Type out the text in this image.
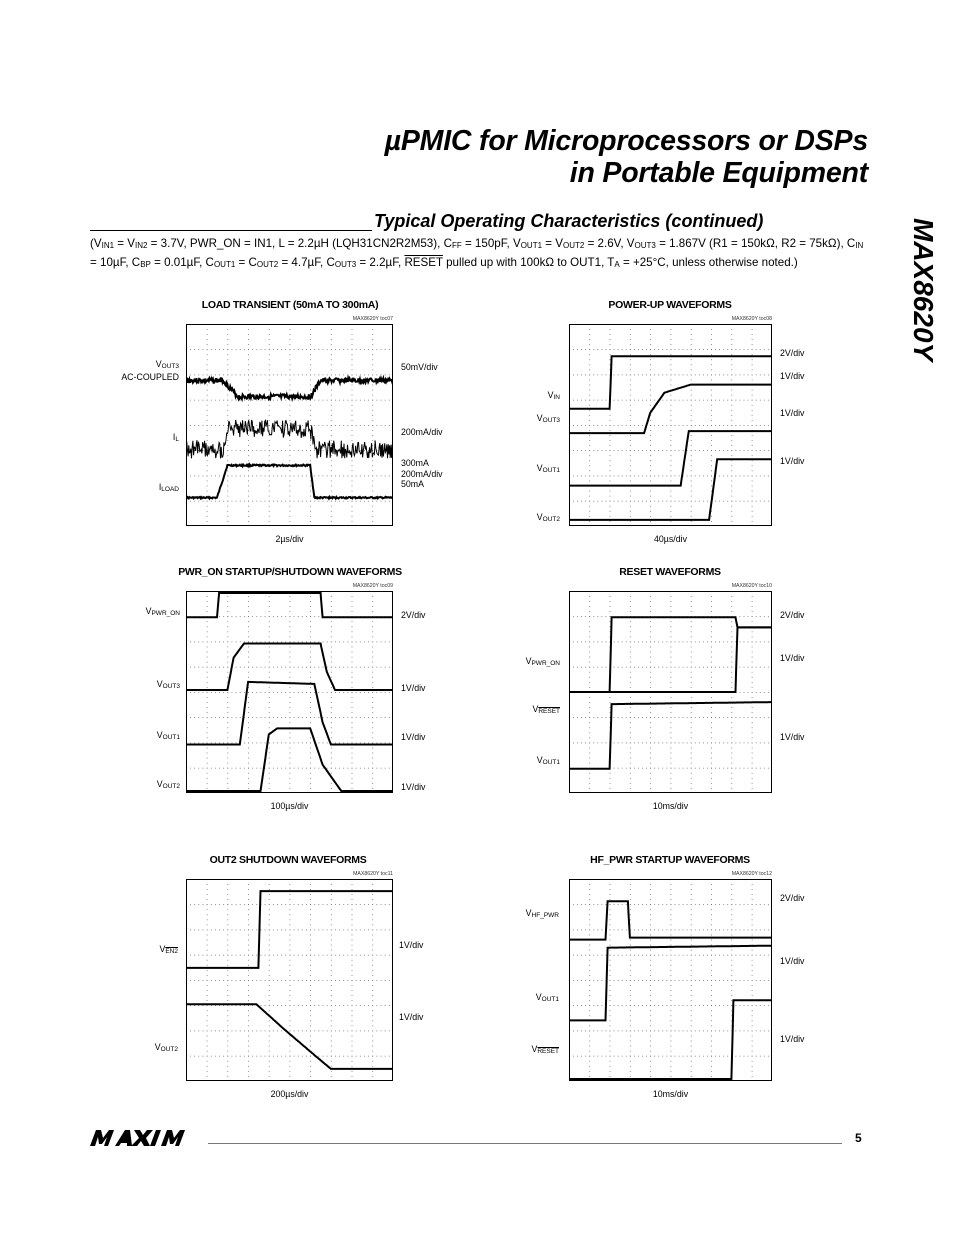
µPMIC for Microprocessors or DSPs
in Portable Equipment
MAX8620Y
Typical Operating Characteristics (continued)
($V_{IN1} = V_{IN2} = 3.7V$, PWR_ON = IN1, L = 2.2µH (LQH31CN2R2M53), $C_{FF} = 150pF$, $V_{OUT1} = V_{OUT2} = 2.6V$, $V_{OUT3} = 1.867V$ (R1 = 150kΩ, R2 = 75kΩ), $C_{IN} = 10\mu F$, $C_{BP} = 0.01\mu F$, $C_{OUT1} = C_{OUT2} = 4.7\mu F$, $C_{OUT3} = 2.2\mu F$, RESET pulled up with 100kΩ to OUT1, $T_A = +25^\circ C$, unless otherwise noted.)
LOAD TRANSIENT (50mA TO 300mA)
MAX8620Y toc07
$V_{OUT3}$
AC-COUPLED
50mV/div
$I_L$
200mA/div
$I_{LOAD}$
300mA
200mA/div
50mA
2µs/div
POWER-UP WAVEFORMS
MAX8620Y toc08
$V_{IN}$
2V/div
$V_{OUT3}$
1V/div
$V_{OUT1}$
1V/div
$V_{OUT2}$
1V/div
40µs/div
PWR_ON STARTUP/SHUTDOWN WAVEFORMS
MAX8620Y toc09
$V_{PWR\_ON}$	2V/div
$V_{OUT3}$	1V/div
$V_{OUT1}$	1V/div
$V_{OUT2}$	1V/div
100µs/div
RESET WAVEFORMS
MAX8620Y toc10
$V_{PWR\_ON}$
2V/div
$V_{RESET}$
1V/div
$V_{OUT1}$
1V/div
10ms/div
OUT2 SHUTDOWN WAVEFORMS
MAX8620Y toc11
$V_{EN2}$
1V/div
$V_{OUT2}$
1V/div
200µs/div
HF_PWR STARTUP WAVEFORMS
MAX8620Y toc12
$V_{HF\_PWR}$
2V/div
$V_{OUT1}$
1V/div
$V_{RESET}$
1V/div
10ms/div
5
